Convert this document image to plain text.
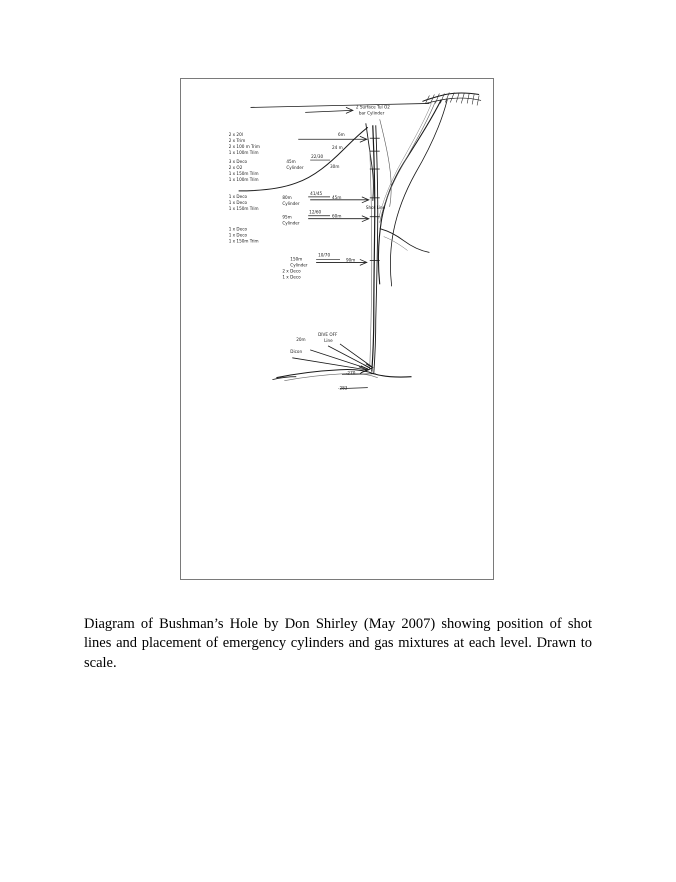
2 Surface Tul O2 bar Cylinder
6m
24 m
22/30
2 x 20l 2 x Trim 2 x 100 m Trim 1 x 100m Trim
3 x Deco 2 x O2 1 x 150m Trim 1 x 100m Trim
45m Cylinder	30m
1 x Deco 1 x Deco 1 x 150m Trim
80m Cylinder
41/45
45m
95m Cylinder
12/60
60m
1 x Deco 1 x Deco 1 x 150m Trim
Shot Line
150m Cylinder
10/70
90m
2 x Deco 1 x Deco
DIVE OFF Line
20m
Dicon
-270
-283

Diagram of Bushman’s Hole by Don Shirley (May 2007) showing position of shot lines and placement of emergency cylinders and gas mixtures at each level. Drawn to scale.
